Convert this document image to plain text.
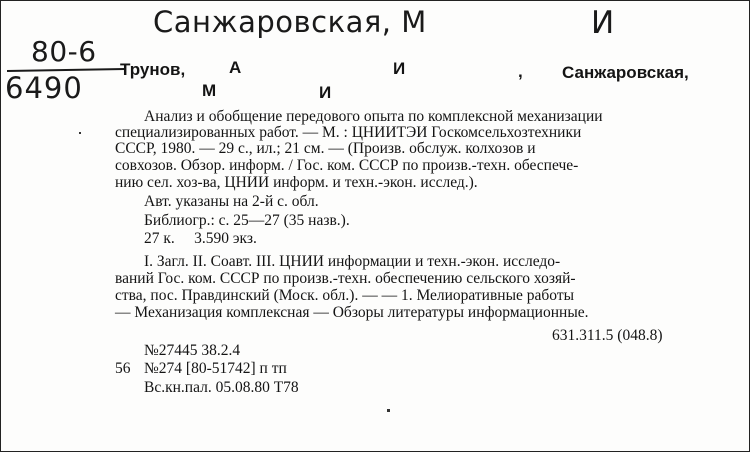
Санжаровская, М	И
80-6
6490
Трунов,	А	И	, Санжаровская,
М	И
Анализ и обобщение передового опыта по комплексной механизации
специализированных работ. — М. : ЦНИИТЭИ Госкомсельхозтехники
СССР, 1980. — 29 с., ил.; 21 см. — (Произв. обслуж. колхозов и
совхозов. Обзор. информ. / Гос. ком. СССР по произв.-техн. обеспече-
нию сел. хоз-ва, ЦНИИ информ. и техн.-экон. исслед.).
Авт. указаны на 2-й с. обл.
Библиогр.: с. 25—27 (35 назв.).
27 к.     3.590 экз.
I. Загл. II. Соавт. III. ЦНИИ информации и техн.-экон. исследо-
ваний Гос. ком. СССР по произв.-техн. обеспечению сельского хозяй-
ства, пос. Правдинский (Моск. обл.). — — 1. Мелиоративные работы
— Механизация комплексная — Обзоры литературы информационные.
631.311.5 (048.8)
№27445 38.2.4
56 №274 [80-51742] п тп
Вс.кн.пал. 05.08.80 Т78
